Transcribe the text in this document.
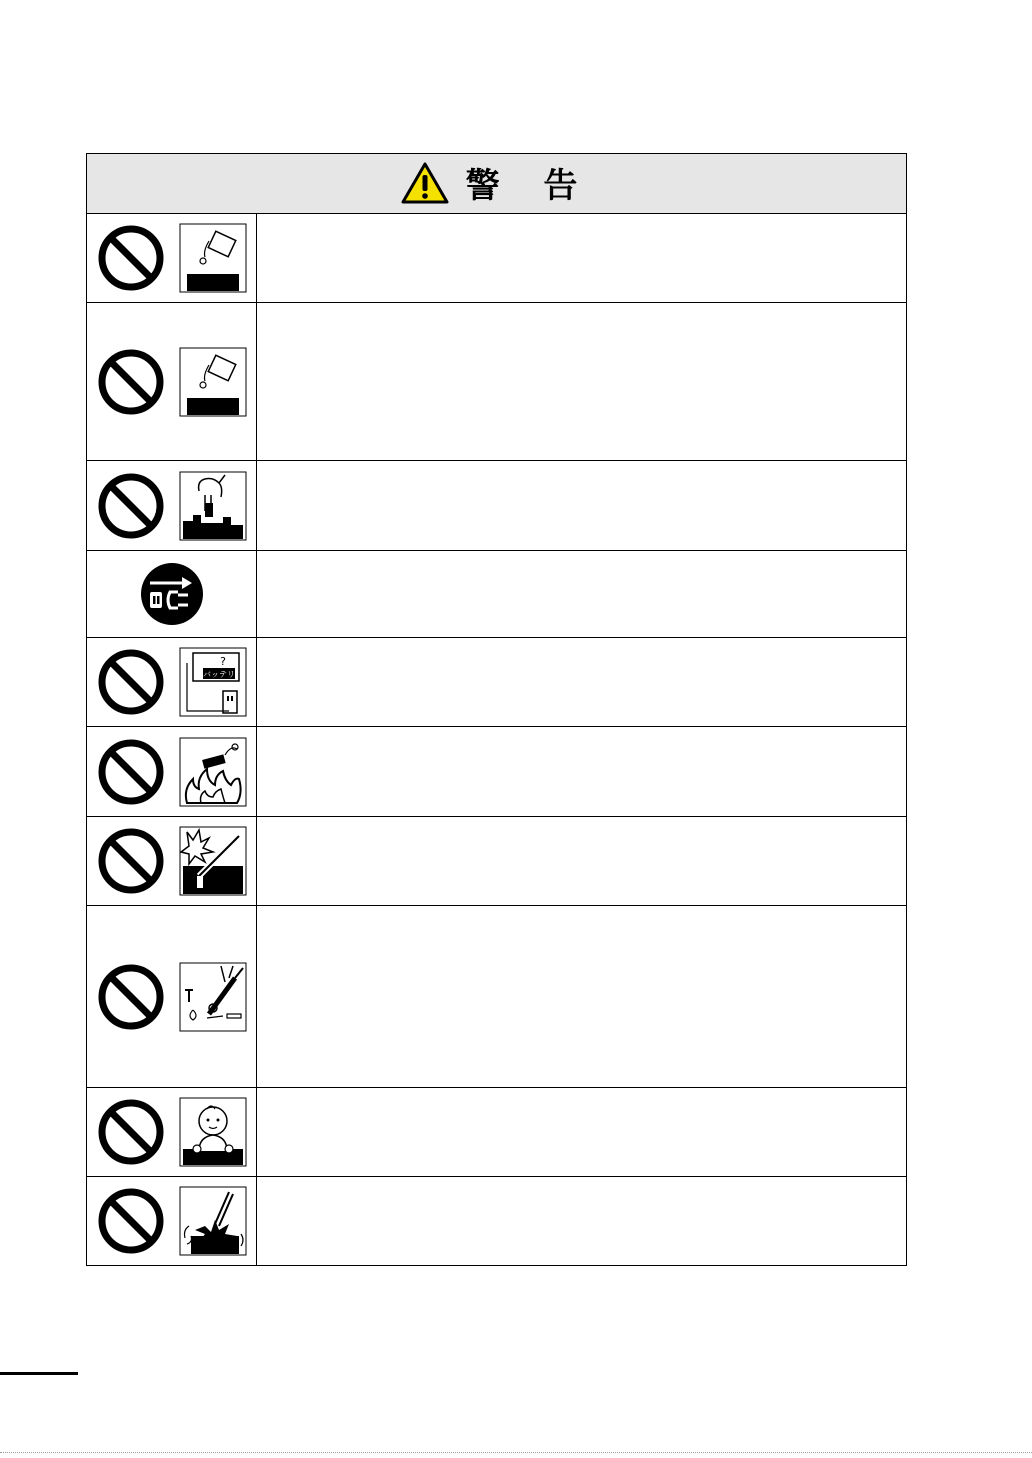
警 告	

?
バッテリ	
